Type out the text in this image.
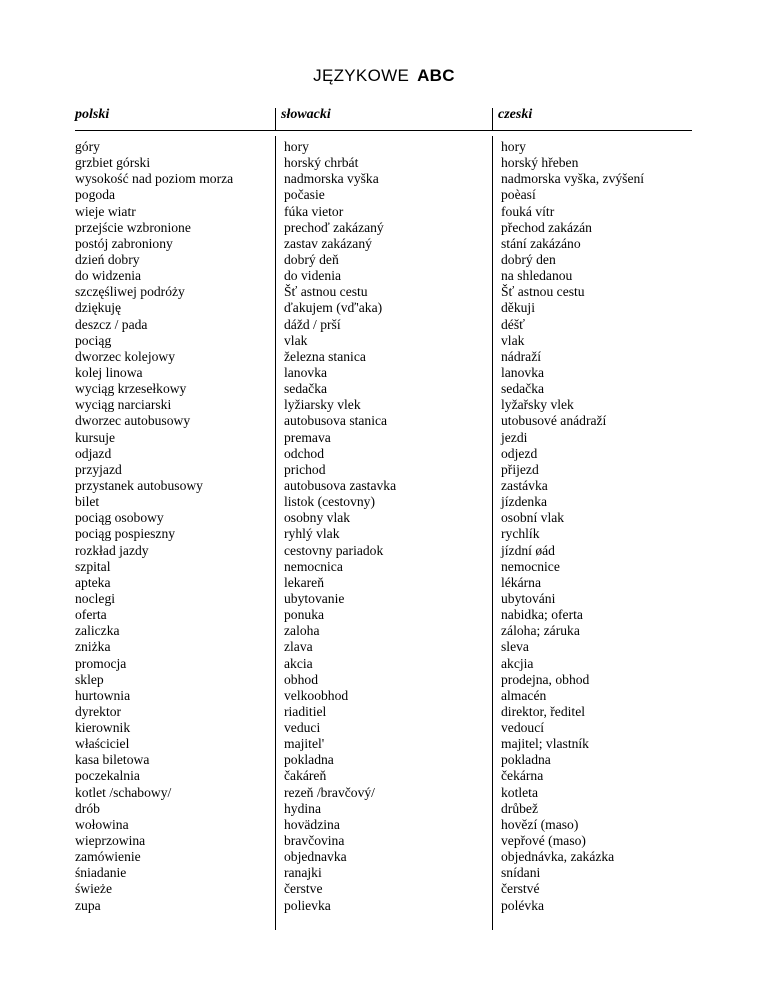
JĘZYKOWE ABC
polski	słowacki	czeski
góry
grzbiet górski
wysokość nad poziom morza
pogoda
wieje wiatr
przejście wzbronione
postój zabroniony
dzień dobry
do widzenia
szczęśliwej podróży
dziękuję
deszcz / pada
pociąg
dworzec kolejowy
kolej linowa
wyciąg krzesełkowy
wyciąg narciarski
dworzec autobusowy
kursuje
odjazd
przyjazd
przystanek autobusowy
bilet
pociąg osobowy
pociąg pospieszny
rozkład jazdy
szpital
apteka
noclegi
oferta
zaliczka
zniżka
promocja
sklep
hurtownia
dyrektor
kierownik
właściciel
kasa biletowa
poczekalnia
kotlet /schabowy/
drób
wołowina
wieprzowina
zamówienie
śniadanie
świeże
zupa
hory
horský chrbát
nadmorska vyška
počasie
fúka vietor
prechoď zakázaný
zastav zakázaný
dobrý deň
do videnia
Šť astnou cestu
ďakujem (vď'aka)
dážd / prší
vlak
železna stanica
lanovka
sedačka
lyžiarsky vlek
autobusova stanica
premava
odchod
prichod
autobusova zastavka
listok (cestovny)
osobny vlak
ryhlý vlak
cestovny pariadok
nemocnica
lekareň
ubytovanie
ponuka
zaloha
zlava
akcia
obhod
velkoobhod
riaditiel
veduci
majitel'
pokladna
čakáreň
rezeň /bravčový/
hydina
hovädzina
bravčovina
objednavka
ranajki
čerstve
polievka
hory
horský hřeben
nadmorska vyška, zvýšení
poèasí
fouká vítr
přechod zakázán
stání zakázáno
dobrý den
na shledanou
Šť astnou cestu
děkuji
déšť
vlak
nádraží
lanovka
sedačka
lyžařsky vlek
utobusové anádraží
jezdi
odjezd
přijezd
zastávka
jízdenka
osobní vlak
rychlík
jízdní øád
nemocnice
lékárna
ubytováni
nabidka; oferta
záloha; záruka
sleva
akcjia
prodejna, obhod
almacén
direktor, ředitel
vedoucí
majitel; vlastník
pokladna
čekárna
kotleta
drůbež
hovězí (maso)
vepřové (maso)
objednávka, zakázka
snídani
čerstvé
polévka
